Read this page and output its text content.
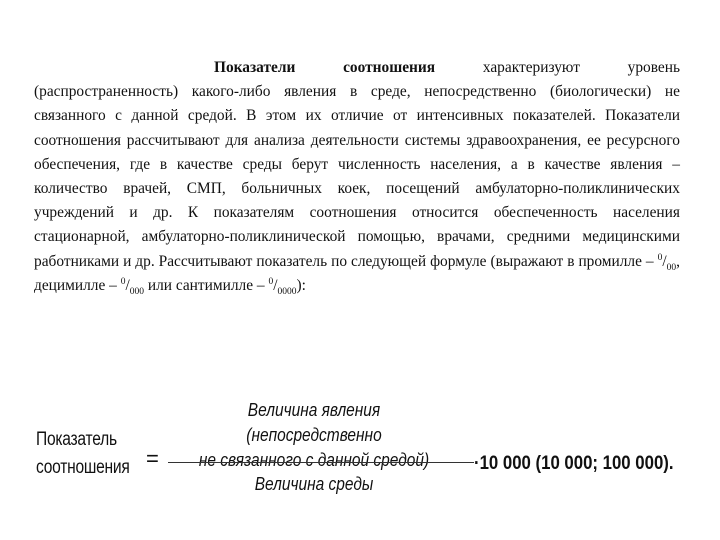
Показатели соотношения характеризуют уровень (распространенность) какого-либо явления в среде, непосредственно (биологически) не связанного с данной средой. В этом их отличие от интенсивных показателей. Показатели соотношения рассчитывают для анализа деятельности системы здравоохранения, ее ресурсного обеспечения, где в качестве среды берут численность населения, а в качестве явления – количество врачей, СМП, больничных коек, посещений амбулаторно-поликлинических учреждений и др. К показателям соотношения относится обеспеченность населения стационарной, амбулаторно-поликлинической помощью, врачами, средними медицинскими работниками и др. Рассчитывают показатель по следующей формуле (выражают в промилле – $^0/_{00}$, децимилле – $^0/_{000}$ или сантимилле – $^0/_{0000}$):
Показатель
соотношения =
Величина явления (непосредственно
не связанного с данной средой)
Величина среды
·10 000 (10 000; 100 000).
